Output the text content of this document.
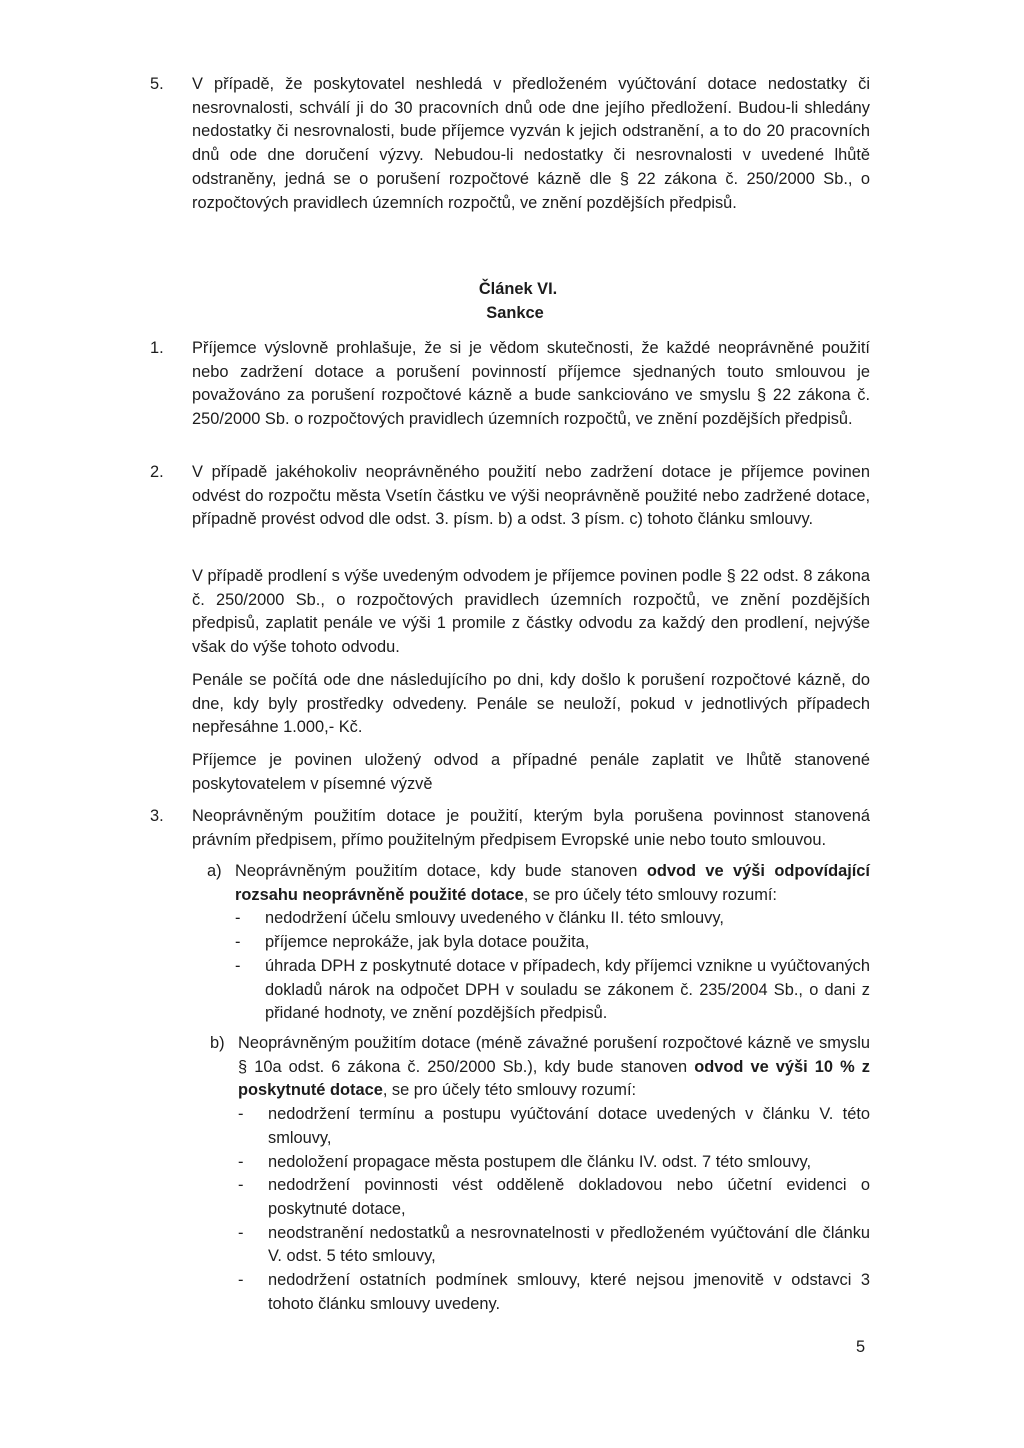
5.	V případě, že poskytovatel neshledá v předloženém vyúčtování dotace nedostatky či nesrovnalosti, schválí ji do 30 pracovních dnů ode dne jejího předložení. Budou-li shledány nedostatky či nesrovnalosti, bude příjemce vyzván k jejich odstranění, a to do 20 pracovních dnů ode dne doručení výzvy. Nebudou-li nedostatky či nesrovnalosti v uvedené lhůtě odstraněny, jedná se o porušení rozpočtové kázně dle § 22 zákona č. 250/2000 Sb., o rozpočtových pravidlech územních rozpočtů, ve znění pozdějších předpisů.
Článek VI.
Sankce
1.	Příjemce výslovně prohlašuje, že si je vědom skutečnosti, že každé neoprávněné použití nebo zadržení dotace a porušení povinností příjemce sjednaných touto smlouvou je považováno za porušení rozpočtové kázně a bude sankciováno ve smyslu § 22 zákona č. 250/2000 Sb. o rozpočtových pravidlech územních rozpočtů, ve znění pozdějších předpisů.
2.	V případě jakéhokoliv neoprávněného použití nebo zadržení dotace je příjemce povinen odvést do rozpočtu města Vsetín částku ve výši neoprávněně použité nebo zadržené dotace, případně provést odvod dle odst. 3. písm. b) a odst. 3 písm. c) tohoto článku smlouvy.
V případě prodlení s výše uvedeným odvodem je příjemce povinen podle § 22 odst. 8 zákona č. 250/2000 Sb., o rozpočtových pravidlech územních rozpočtů, ve znění pozdějších předpisů, zaplatit penále ve výši 1 promile z částky odvodu za každý den prodlení, nejvýše však do výše tohoto odvodu.
Penále se počítá ode dne následujícího po dni, kdy došlo k porušení rozpočtové kázně, do dne, kdy byly prostředky odvedeny. Penále se neuloží, pokud v jednotlivých případech nepřesáhne 1.000,- Kč.
Příjemce je povinen uložený odvod a případné penále zaplatit ve lhůtě stanovené poskytovatelem v písemné výzvě
3.	Neoprávněným použitím dotace je použití, kterým byla porušena povinnost stanovená právním předpisem, přímo použitelným předpisem Evropské unie nebo touto smlouvou.
a) Neoprávněným použitím dotace, kdy bude stanoven odvod ve výši odpovídající rozsahu neoprávněně použité dotace, se pro účely této smlouvy rozumí:
- nedodržení účelu smlouvy uvedeného v článku II. této smlouvy,
- příjemce neprokáže, jak byla dotace použita,
- úhrada DPH z poskytnuté dotace v případech, kdy příjemci vznikne u vyúčtovaných dokladů nárok na odpočet DPH v souladu se zákonem č. 235/2004 Sb., o dani z přidané hodnoty, ve znění pozdějších předpisů.
b) Neoprávněným použitím dotace (méně závažné porušení rozpočtové kázně ve smyslu § 10a odst. 6 zákona č. 250/2000 Sb.), kdy bude stanoven odvod ve výši 10 % z poskytnuté dotace, se pro účely této smlouvy rozumí:
- nedodržení termínu a postupu vyúčtování dotace uvedených v článku V. této smlouvy,
- nedoložení propagace města postupem dle článku IV. odst. 7 této smlouvy,
- nedodržení povinnosti vést odděleně dokladovou nebo účetní evidenci o poskytnuté dotace,
- neodstranění nedostatků a nesrovnatelnosti v předloženém vyúčtování dle článku V. odst. 5 této smlouvy,
- nedodržení ostatních podmínek smlouvy, které nejsou jmenovitě v odstavci 3 tohoto článku smlouvy uvedeny.
5
